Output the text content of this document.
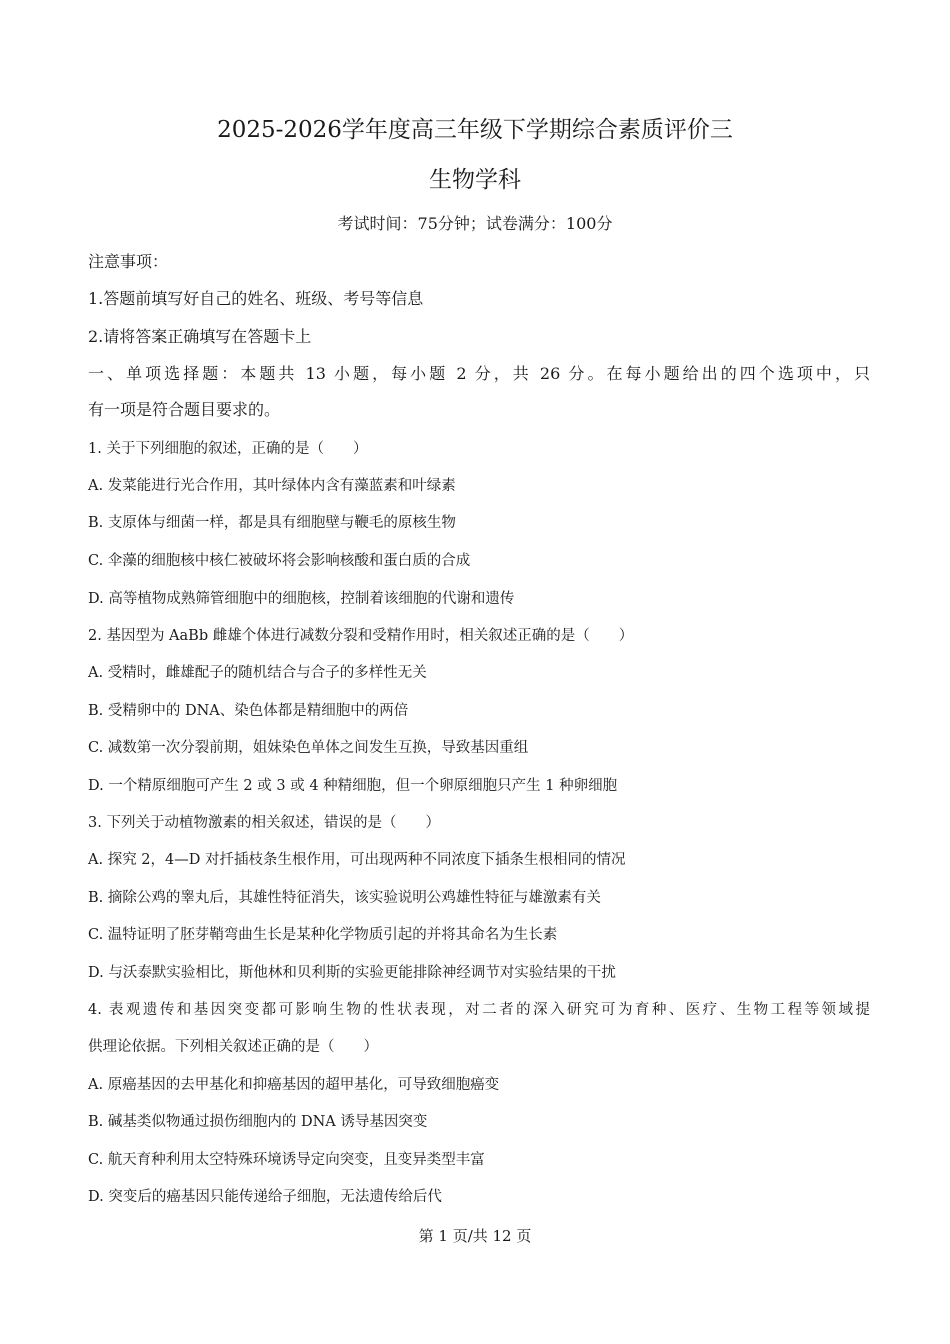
2025-2026学年度高三年级下学期综合素质评价三
生物学科
考试时间：75分钟；试卷满分：100分
注意事项：
1.答题前填写好自己的姓名、班级、考号等信息
2.请将答案正确填写在答题卡上
一、单项选择题：本题共 13 小题，每小题 2 分，共 26 分。在每小题给出的四个选项中，只
有一项是符合题目要求的。
1. 关于下列细胞的叙述，正确的是（　　）
A. 发菜能进行光合作用，其叶绿体内含有藻蓝素和叶绿素
B. 支原体与细菌一样，都是具有细胞壁与鞭毛的原核生物
C. 伞藻的细胞核中核仁被破坏将会影响核酸和蛋白质的合成
D. 高等植物成熟筛管细胞中的细胞核，控制着该细胞的代谢和遗传
2. 基因型为 AaBb 雌雄个体进行减数分裂和受精作用时，相关叙述正确的是（　　）
A. 受精时，雌雄配子的随机结合与合子的多样性无关
B. 受精卵中的 DNA、染色体都是精细胞中的两倍
C. 减数第一次分裂前期，姐妹染色单体之间发生互换，导致基因重组
D. 一个精原细胞可产生 2 或 3 或 4 种精细胞，但一个卵原细胞只产生 1 种卵细胞
3. 下列关于动植物激素的相关叙述，错误的是（　　）
A. 探究 2，4—D 对扦插枝条生根作用，可出现两种不同浓度下插条生根相同的情况
B. 摘除公鸡的睾丸后，其雄性特征消失，该实验说明公鸡雄性特征与雄激素有关
C. 温特证明了胚芽鞘弯曲生长是某种化学物质引起的并将其命名为生长素
D. 与沃泰默实验相比，斯他林和贝利斯的实验更能排除神经调节对实验结果的干扰
4. 表观遗传和基因突变都可影响生物的性状表现，对二者的深入研究可为育种、医疗、生物工程等领域提
供理论依据。下列相关叙述正确的是（　　）
A. 原癌基因的去甲基化和抑癌基因的超甲基化，可导致细胞癌变
B. 碱基类似物通过损伤细胞内的 DNA 诱导基因突变
C. 航天育种利用太空特殊环境诱导定向突变，且变异类型丰富
D. 突变后的癌基因只能传递给子细胞，无法遗传给后代
第 1 页/共 12 页
